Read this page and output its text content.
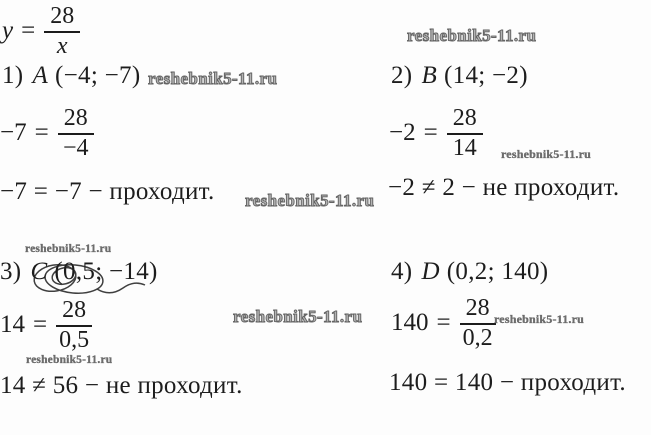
$y = \frac{28}{x}$	reshebnik5-11.ru
1) A (−4; −7) reshebnik5-11.ru	2) B (14; −2)
$-7 = \frac{28}{-4}$	$-2 = \frac{28}{14}$ reshebnik5-11.ru
−7 = −7 − проходит. reshebnik5-11.ru −2 ≠ 2 − не проходит.
reshebnik5-11.ru
3) C (0,5; −14)	4) D (0,2; 140)
$14 = \frac{28}{0,5}$	reshebnik5-11.ru $140 = \frac{28}{0,2}$
reshebnik5-11.ru
reshebnik5-11.ru
14 ≠ 56 − не проходит.	140 = 140 − проходит.
